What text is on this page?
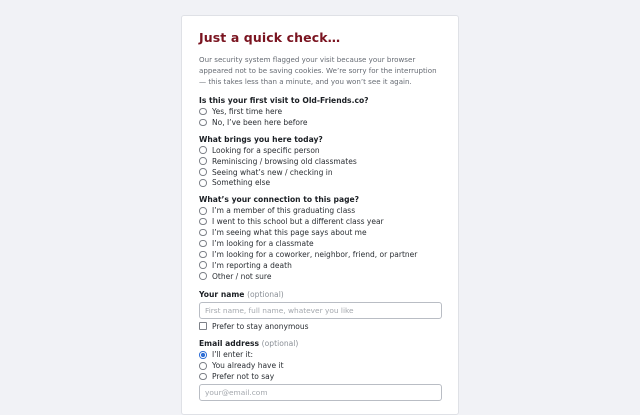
Just a quick check…

Our security system flagged your visit because your browser appeared not to be saving cookies. We’re sorry for the interruption — this takes less than a minute, and you won’t see it again.

Is this your first visit to Old-Friends.co?

Yes, first time here
No, I’ve been here before

What brings you here today?

Looking for a specific person
Reminiscing / browsing old classmates
Seeing what’s new / checking in
Something else

What’s your connection to this page?

I’m a member of this graduating class
I went to this school but a different class year
I’m seeing what this page says about me
I’m looking for a classmate
I’m looking for a coworker, neighbor, friend, or partner
I’m reporting a death
Other / not sure

Your name (optional)

First name, full name, whatever you like
Prefer to stay anonymous

Email address (optional)

I’ll enter it:
You already have it
Prefer not to say
your@email.com
